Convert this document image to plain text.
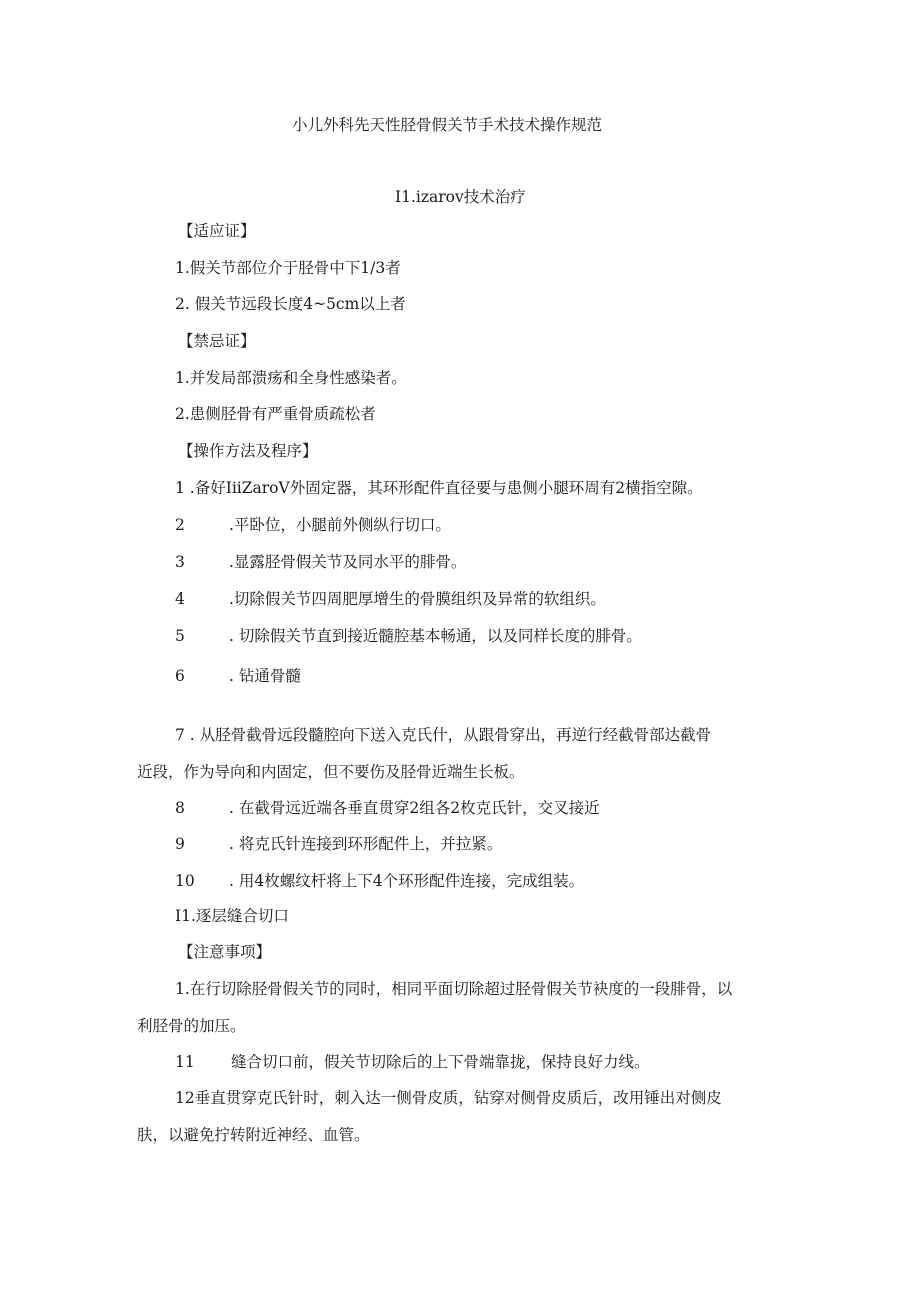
小儿外科先天性胫骨假关节手术技术操作规范
I1.izarov技术治疗
【适应证】
1.假关节部位介于胫骨中下1/3者
2. 假关节远段长度4~5cm以上者
【禁忌证】
1.并发局部溃疡和全身性感染者。
2.患侧胫骨有严重骨质疏松者
【操作方法及程序】
1 .备好IiiZaroV外固定器，其环形配件直径要与患侧小腿环周有2横指空隙。
2	.平卧位，小腿前外侧纵行切口。
3	.显露胫骨假关节及同水平的腓骨。
4	.切除假关节四周肥厚增生的骨膜组织及异常的软组织。
5	. 切除假关节直到接近髓腔基本畅通，以及同样长度的腓骨。
6	. 钻通骨髓
7 . 从胫骨截骨远段髓腔向下送入克氏什，从跟骨穿出，再逆行经截骨部达截骨
近段，作为导向和内固定，但不要伤及胫骨近端生长板。
8	. 在截骨远近端各垂直贯穿2组各2枚克氏针，交叉接近
9	. 将克氏针连接到环形配件上，并拉紧。
10 . 用4枚螺纹杆将上下4个环形配件连接，完成组装。
I1.逐层缝合切口
【注意事项】
1.在行切除胫骨假关节的同时，相同平面切除超过胫骨假关节袂度的一段腓骨，以
利胫骨的加压。
11 缝合切口前，假关节切除后的上下骨端靠拢，保持良好力线。
12垂直贯穿克氏针时，刺入达一侧骨皮质，钻穿对侧骨皮质后，改用锤出对侧皮
肤，以避免拧转附近神经、血管。
